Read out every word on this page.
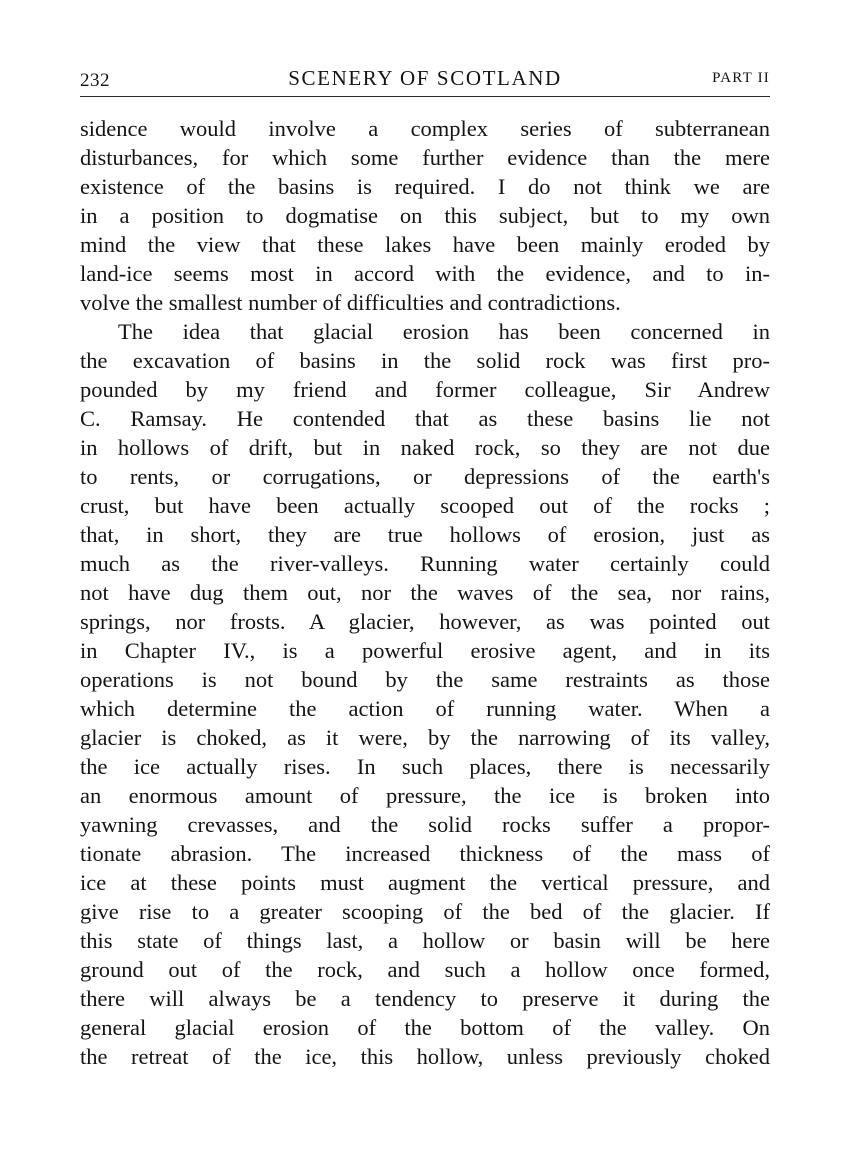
232	SCENERY OF SCOTLAND	PART II
sidence would involve a complex series of subterranean
disturbances, for which some further evidence than the mere
existence of the basins is required. I do not think we are
in a position to dogmatise on this subject, but to my own
mind the view that these lakes have been mainly eroded by
land-ice seems most in accord with the evidence, and to in-
volve the smallest number of difficulties and contradictions.
The idea that glacial erosion has been concerned in
the excavation of basins in the solid rock was first pro-
pounded by my friend and former colleague, Sir Andrew
C. Ramsay. He contended that as these basins lie not
in hollows of drift, but in naked rock, so they are not due
to rents, or corrugations, or depressions of the earth's
crust, but have been actually scooped out of the rocks ;
that, in short, they are true hollows of erosion, just as
much as the river-valleys. Running water certainly could
not have dug them out, nor the waves of the sea, nor rains,
springs, nor frosts. A glacier, however, as was pointed out
in Chapter IV., is a powerful erosive agent, and in its
operations is not bound by the same restraints as those
which determine the action of running water. When a
glacier is choked, as it were, by the narrowing of its valley,
the ice actually rises. In such places, there is necessarily
an enormous amount of pressure, the ice is broken into
yawning crevasses, and the solid rocks suffer a propor-
tionate abrasion. The increased thickness of the mass of
ice at these points must augment the vertical pressure, and
give rise to a greater scooping of the bed of the glacier. If
this state of things last, a hollow or basin will be here
ground out of the rock, and such a hollow once formed,
there will always be a tendency to preserve it during the
general glacial erosion of the bottom of the valley. On
the retreat of the ice, this hollow, unless previously choked
